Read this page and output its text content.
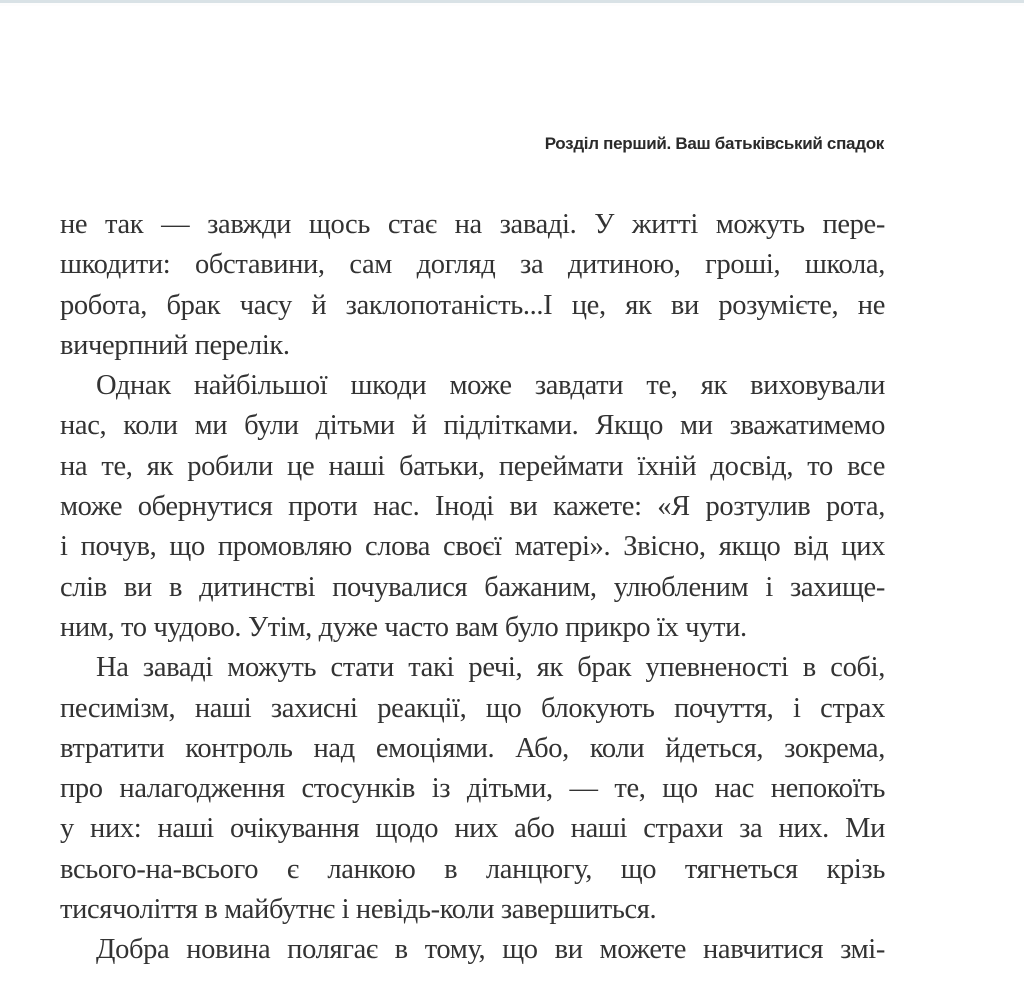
Розділ перший. Ваш батьківський спадок
не так — завжди щось стає на заваді. У житті можуть пере-
шкодити: обставини, сам догляд за дитиною, гроші, школа,
робота, брак часу й заклопотаність...І це, як ви розумієте, не
вичерпний перелік.
Однак найбільшої шкоди може завдати те, як виховували
нас, коли ми були дітьми й підлітками. Якщо ми зважатимемо
на те, як робили це наші батьки, переймати їхній досвід, то все
може обернутися проти нас. Іноді ви кажете: «Я розтулив рота,
і почув, що промовляю слова своєї матері». Звісно, якщо від цих
слів ви в дитинстві почувалися бажаним, улюбленим і захище-
ним, то чудово. Утім, дуже часто вам було прикро їх чути.
На заваді можуть стати такі речі, як брак упевненості в собі,
песимізм, наші захисні реакції, що блокують почуття, і страх
втратити контроль над емоціями. Або, коли йдеться, зокрема,
про налагодження стосунків із дітьми, — те, що нас непокоїть
у них: наші очікування щодо них або наші страхи за них. Ми
всього-на-всього є ланкою в ланцюгу, що тягнеться крізь
тисячоліття в майбутнє і невідь-коли завершиться.
Добра новина полягає в тому, що ви можете навчитися змі-
